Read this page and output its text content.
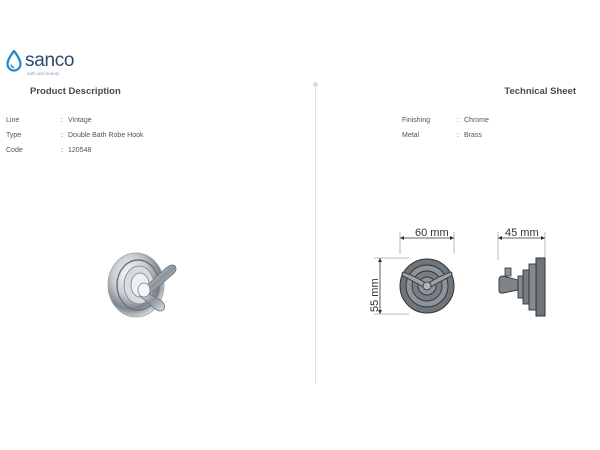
sanco
bath and beauty
Product Description	Technical Sheet
Line	: Vintage
Type	: Double Bath Robe Hook
Code	: 120548
Finishing	: Chrome
Metal	: Brass
60 mm
55 mm
45 mm
